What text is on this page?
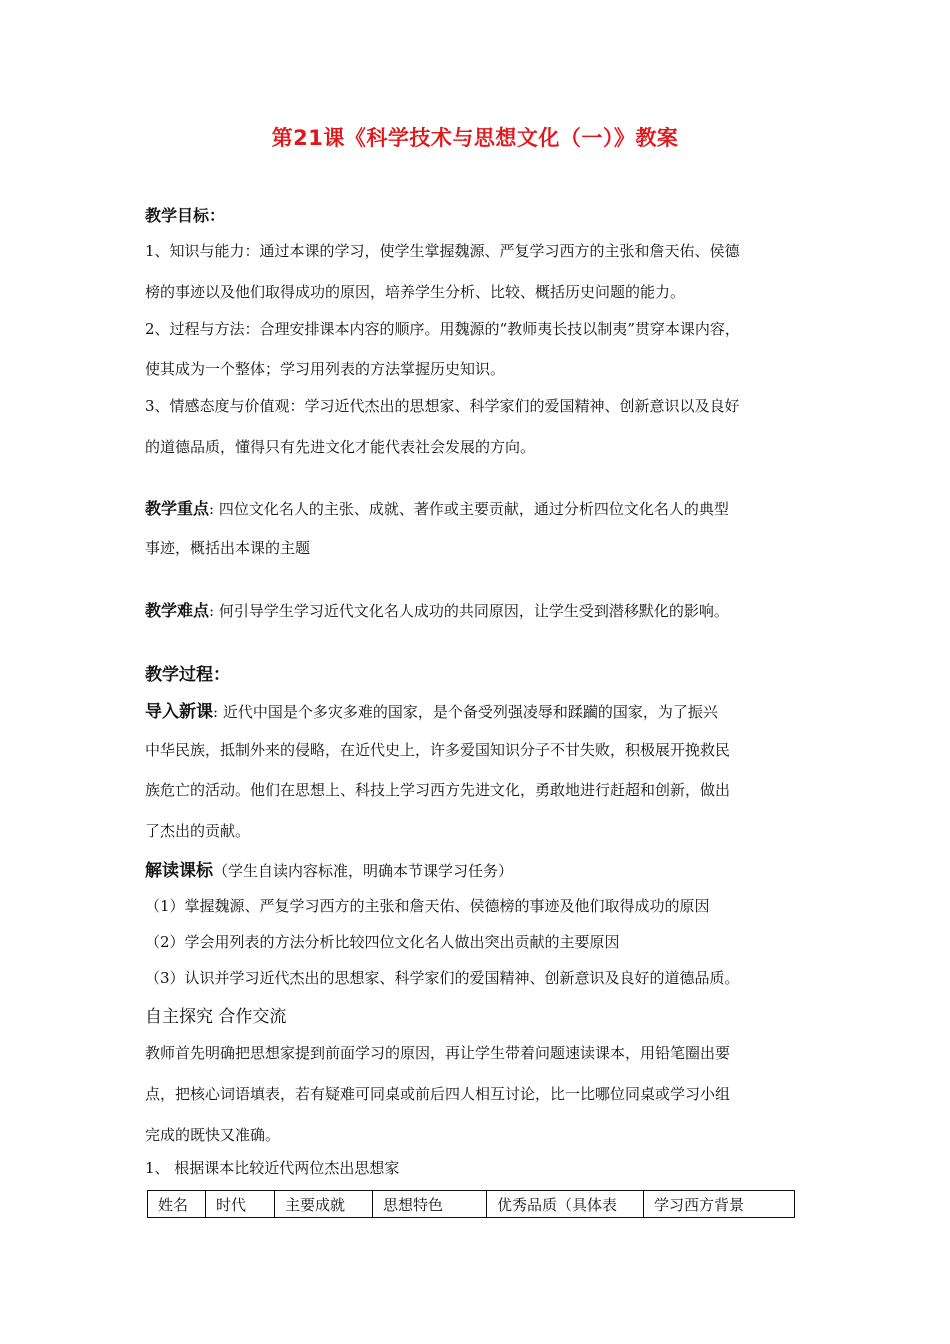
第21课《科学技术与思想文化（一）》教案
教学目标：
1、知识与能力：通过本课的学习，使学生掌握魏源、严复学习西方的主张和詹天佑、侯德
榜的事迹以及他们取得成功的原因，培养学生分析、比较、概括历史问题的能力。
2、过程与方法：合理安排课本内容的顺序。用魏源的“教师夷长技以制夷”贯穿本课内容，
使其成为一个整体；学习用列表的方法掌握历史知识。
3、情感态度与价值观：学习近代杰出的思想家、科学家们的爱国精神、创新意识以及良好
的道德品质，懂得只有先进文化才能代表社会发展的方向。
教学重点: 四位文化名人的主张、成就、著作或主要贡献，通过分析四位文化名人的典型
事迹，概括出本课的主题
教学难点: 何引导学生学习近代文化名人成功的共同原因，让学生受到潜移默化的影响。
教学过程：
导入新课: 近代中国是个多灾多难的国家，是个备受列强凌辱和蹂躏的国家，为了振兴
中华民族，抵制外来的侵略，在近代史上，许多爱国知识分子不甘失败，积极展开挽救民
族危亡的活动。他们在思想上、科技上学习西方先进文化，勇敢地进行赶超和创新，做出
了杰出的贡献。
解读课标（学生自读内容标准，明确本节课学习任务）
（1）掌握魏源、严复学习西方的主张和詹天佑、侯德榜的事迹及他们取得成功的原因
（2）学会用列表的方法分析比较四位文化名人做出突出贡献的主要原因
（3）认识并学习近代杰出的思想家、科学家们的爱国精神、创新意识及良好的道德品质。
自主探究 合作交流
教师首先明确把思想家提到前面学习的原因，再让学生带着问题速读课本，用铅笔圈出要
点，把核心词语填表，若有疑难可同桌或前后四人相互讨论，比一比哪位同桌或学习小组
完成的既快又准确。
1、 根据课本比较近代两位杰出思想家
姓名	时代	主要成就	思想特色	优秀品质（具体表	学习西方背景
